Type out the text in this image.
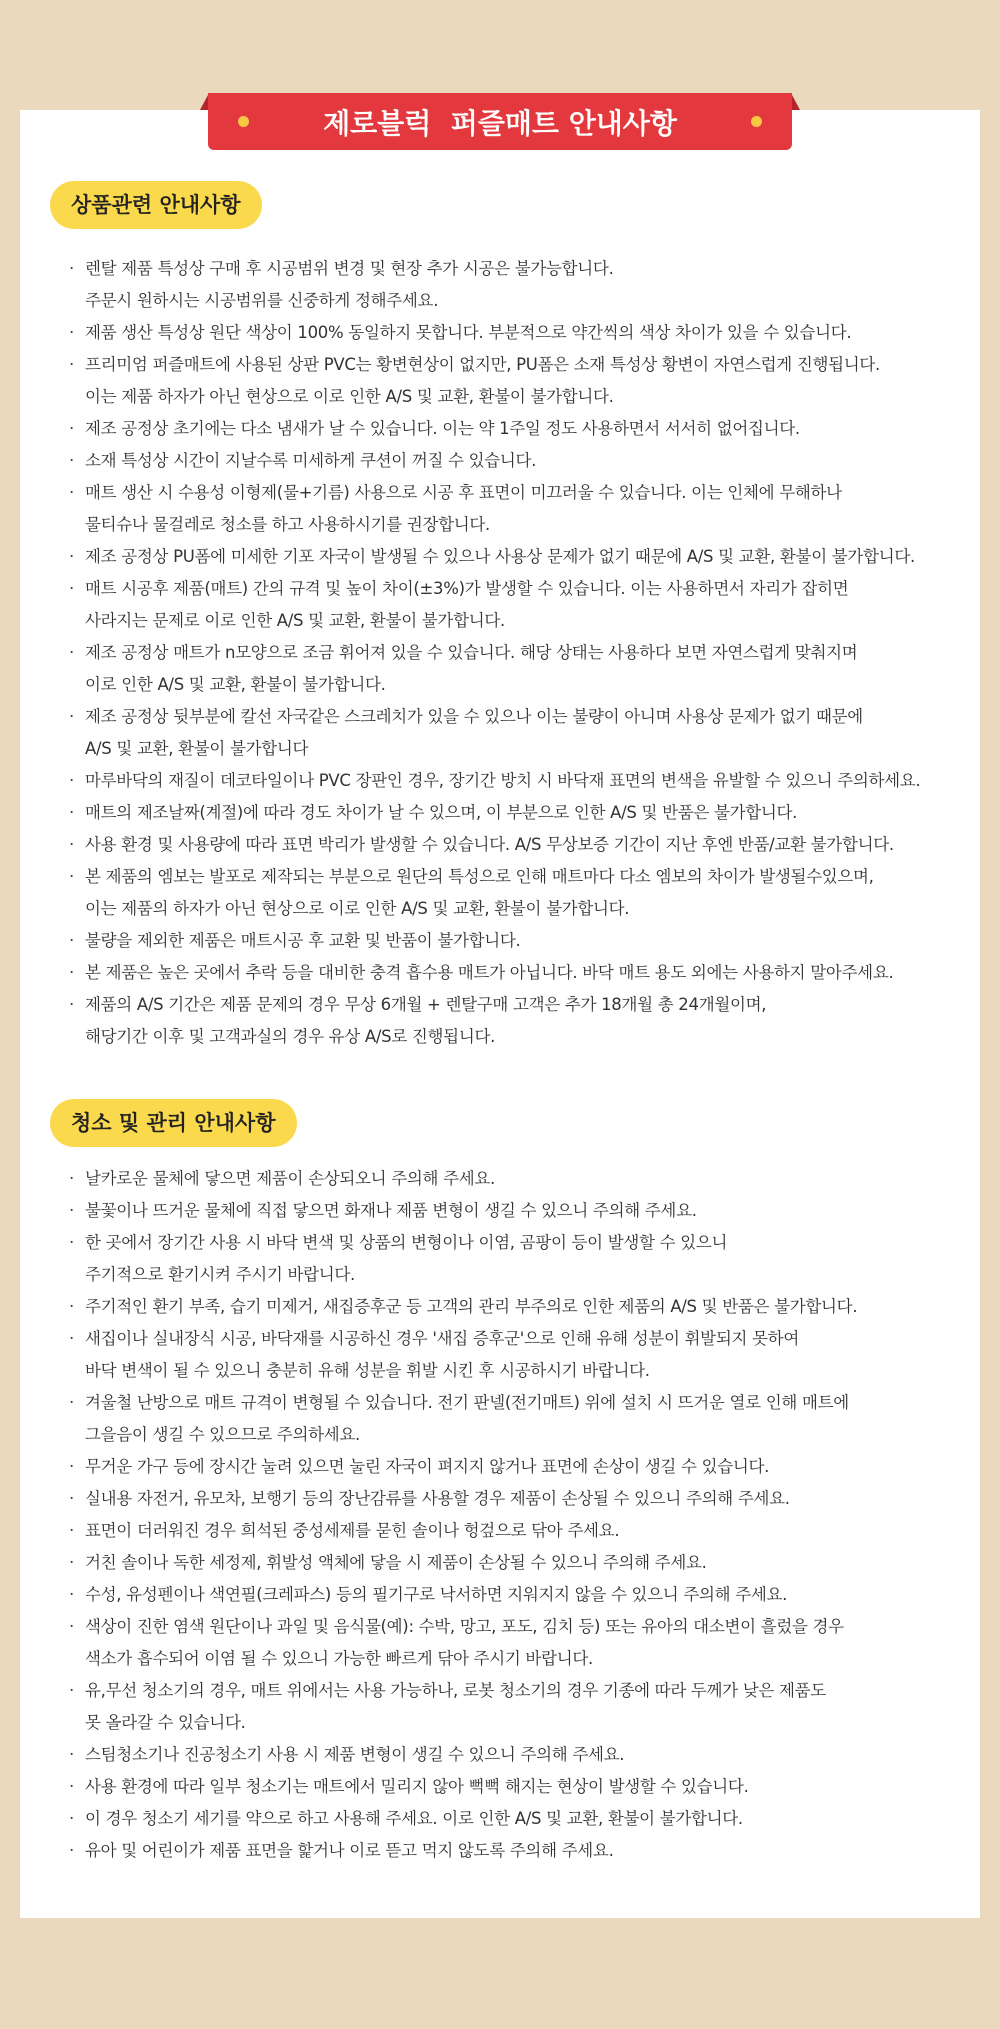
제로블럭  퍼즐매트 안내사항
상품관련 안내사항
· 렌탈 제품 특성상 구매 후 시공범위 변경 및 현장 추가 시공은 불가능합니다.
주문시 원하시는 시공범위를 신중하게 정해주세요.
· 제품 생산 특성상 원단 색상이 100% 동일하지 못합니다. 부분적으로 약간씩의 색상 차이가 있을 수 있습니다.
· 프리미엄 퍼즐매트에 사용된 상판 PVC는 황변현상이 없지만, PU폼은 소재 특성상 황변이 자연스럽게 진행됩니다.
이는 제품 하자가 아닌 현상으로 이로 인한 A/S 및 교환, 환불이 불가합니다.
· 제조 공정상 초기에는 다소 냄새가 날 수 있습니다. 이는 약 1주일 정도 사용하면서 서서히 없어집니다.
· 소재 특성상 시간이 지날수록 미세하게 쿠션이 꺼질 수 있습니다.
· 매트 생산 시 수용성 이형제(물+기름) 사용으로 시공 후 표면이 미끄러울 수 있습니다. 이는 인체에 무해하나
물티슈나 물걸레로 청소를 하고 사용하시기를 권장합니다.
· 제조 공정상 PU폼에 미세한 기포 자국이 발생될 수 있으나 사용상 문제가 없기 때문에 A/S 및 교환, 환불이 불가합니다.
· 매트 시공후 제품(매트) 간의 규격 및 높이 차이(±3%)가 발생할 수 있습니다. 이는 사용하면서 자리가 잡히면
사라지는 문제로 이로 인한 A/S 및 교환, 환불이 불가합니다.
· 제조 공정상 매트가 n모양으로 조금 휘어져 있을 수 있습니다. 해당 상태는 사용하다 보면 자연스럽게 맞춰지며
이로 인한 A/S 및 교환, 환불이 불가합니다.
· 제조 공정상 뒷부분에 칼선 자국같은 스크레치가 있을 수 있으나 이는 불량이 아니며 사용상 문제가 없기 때문에
A/S 및 교환, 환불이 불가합니다
· 마루바닥의 재질이 데코타일이나 PVC 장판인 경우, 장기간 방치 시 바닥재 표면의 변색을 유발할 수 있으니 주의하세요.
· 매트의 제조날짜(계절)에 따라 경도 차이가 날 수 있으며, 이 부분으로 인한 A/S 및 반품은 불가합니다.
· 사용 환경 및 사용량에 따라 표면 박리가 발생할 수 있습니다. A/S 무상보증 기간이 지난 후엔 반품/교환 불가합니다.
· 본 제품의 엠보는 발포로 제작되는 부분으로 원단의 특성으로 인해 매트마다 다소 엠보의 차이가 발생될수있으며,
이는 제품의 하자가 아닌 현상으로 이로 인한 A/S 및 교환, 환불이 불가합니다.
· 불량을 제외한 제품은 매트시공 후 교환 및 반품이 불가합니다.
· 본 제품은 높은 곳에서 추락 등을 대비한 충격 흡수용 매트가 아닙니다. 바닥 매트 용도 외에는 사용하지 말아주세요.
· 제품의 A/S 기간은 제품 문제의 경우 무상 6개월 + 렌탈구매 고객은 추가 18개월 총 24개월이며,
해당기간 이후 및 고객과실의 경우 유상 A/S로 진행됩니다.
청소 및 관리 안내사항
· 날카로운 물체에 닿으면 제품이 손상되오니 주의해 주세요.
· 불꽃이나 뜨거운 물체에 직접 닿으면 화재나 제품 변형이 생길 수 있으니 주의해 주세요.
· 한 곳에서 장기간 사용 시 바닥 변색 및 상품의 변형이나 이염, 곰팡이 등이 발생할 수 있으니
주기적으로 환기시켜 주시기 바랍니다.
· 주기적인 환기 부족, 습기 미제거, 새집증후군 등 고객의 관리 부주의로 인한 제품의 A/S 및 반품은 불가합니다.
· 새집이나 실내장식 시공, 바닥재를 시공하신 경우 '새집 증후군'으로 인해 유해 성분이 휘발되지 못하여
바닥 변색이 될 수 있으니 충분히 유해 성분을 휘발 시킨 후 시공하시기 바랍니다.
· 겨울철 난방으로 매트 규격이 변형될 수 있습니다. 전기 판넬(전기매트) 위에 설치 시 뜨거운 열로 인해 매트에
그을음이 생길 수 있으므로 주의하세요.
· 무거운 가구 등에 장시간 눌려 있으면 눌린 자국이 펴지지 않거나 표면에 손상이 생길 수 있습니다.
· 실내용 자전거, 유모차, 보행기 등의 장난감류를 사용할 경우 제품이 손상될 수 있으니 주의해 주세요.
· 표면이 더러워진 경우 희석된 중성세제를 묻힌 솔이나 헝겊으로 닦아 주세요.
· 거친 솔이나 독한 세정제, 휘발성 액체에 닿을 시 제품이 손상될 수 있으니 주의해 주세요.
· 수성, 유성펜이나 색연필(크레파스) 등의 필기구로 낙서하면 지워지지 않을 수 있으니 주의해 주세요.
· 색상이 진한 염색 원단이나 과일 및 음식물(예): 수박, 망고, 포도, 김치 등) 또는 유아의 대소변이 흘렀을 경우
색소가 흡수되어 이염 될 수 있으니 가능한 빠르게 닦아 주시기 바랍니다.
· 유,무선 청소기의 경우, 매트 위에서는 사용 가능하나, 로봇 청소기의 경우 기종에 따라 두께가 낮은 제품도
못 올라갈 수 있습니다.
· 스팀청소기나 진공청소기 사용 시 제품 변형이 생길 수 있으니 주의해 주세요.
· 사용 환경에 따라 일부 청소기는 매트에서 밀리지 않아 뻑뻑 해지는 현상이 발생할 수 있습니다.
· 이 경우 청소기 세기를 약으로 하고 사용해 주세요. 이로 인한 A/S 및 교환, 환불이 불가합니다.
· 유아 및 어린이가 제품 표면을 핥거나 이로 뜯고 먹지 않도록 주의해 주세요.
